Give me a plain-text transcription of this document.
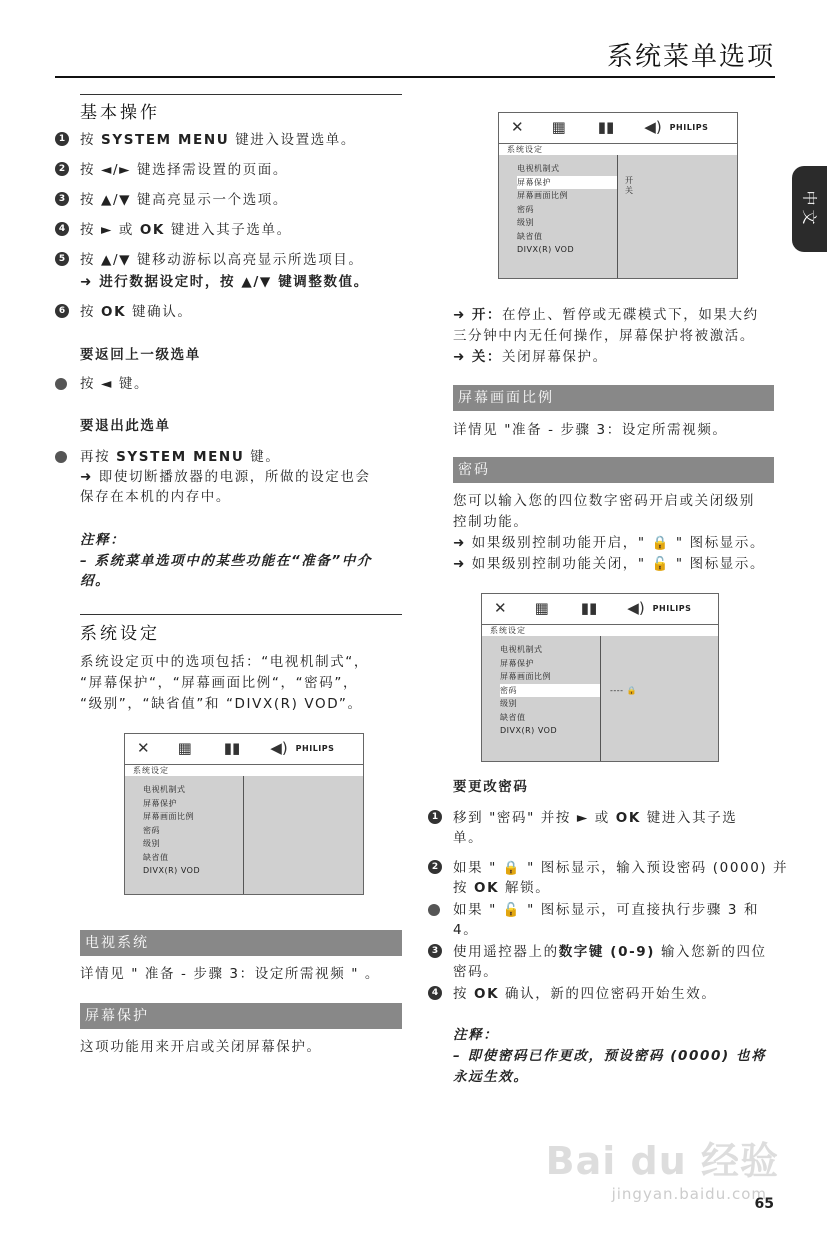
系统菜单选项
中文
基本操作
1 按 SYSTEM MENU 键进入设置选单。
2 按 ◄/► 键选择需设置的页面。
3 按 ▲/▼ 键高亮显示一个选项。
4 按 ► 或 OK 键进入其子选单。
5 按 ▲/▼ 键移动游标以高亮显示所选项目。
➜ 进行数据设定时，按 ▲/▼ 键调整数值。
6 按 OK 键确认。
要返回上一级选单
按 ◄ 键。
要退出此选单
再按 SYSTEM MENU 键。
➜ 即使切断播放器的电源，所做的设定也会
保存在本机的内存中。
注释：
– 系统菜单选项中的某些功能在“准备”中介
绍。
系统设定
系统设定页中的选项包括：“电视机制式“，
“屏幕保护“，“屏幕画面比例“，“密码”，
“级别”，“缺省值”和 “DIVX(R) VOD”。
✕ ▦ ▮▮ ◀) PHILIPS
系统设定
电视机制式
屏幕保护
屏幕画面比例
密码
级别
缺省值
DIVX(R) VOD
电视系统
详情见 " 准备 - 步骤 3：设定所需视频 " 。
屏幕保护
这项功能用来开启或关闭屏幕保护。
✕ ▦ ▮▮ ◀) PHILIPS
系统设定
电视机制式
屏幕保护
屏幕画面比例
密码
级别
缺省值
DIVX(R) VOD
开
关
➜ 开：在停止、暂停或无碟模式下，如果大约
三分钟中内无任何操作，屏幕保护将被激活。
➜ 关：关闭屏幕保护。
屏幕画面比例
详情见 "准备 - 步骤 3：设定所需视频。
密码
您可以输入您的四位数字密码开启或关闭级别
控制功能。
➜ 如果级别控制功能开启，" 🔒 " 图标显示。
➜ 如果级别控制功能关闭，" 🔓 " 图标显示。
✕ ▦ ▮▮ ◀) PHILIPS
系统设定
电视机制式
屏幕保护
屏幕画面比例
密码
级别
缺省值
DIVX(R) VOD
---- 🔒
要更改密码
1 移到 "密码" 并按 ► 或 OK 键进入其子选
单。
2 如果 " 🔒 " 图标显示，输入预设密码 (0000) 并
按 OK 解锁。
如果 " 🔓 " 图标显示，可直接执行步骤 3 和
4。
3 使用遥控器上的数字键 (0-9) 输入您新的四位
密码。
4 按 OK 确认，新的四位密码开始生效。
注释：
– 即使密码已作更改，预设密码 (0000) 也将
永远生效。
Bai du 经验
jingyan.baidu.com
65
